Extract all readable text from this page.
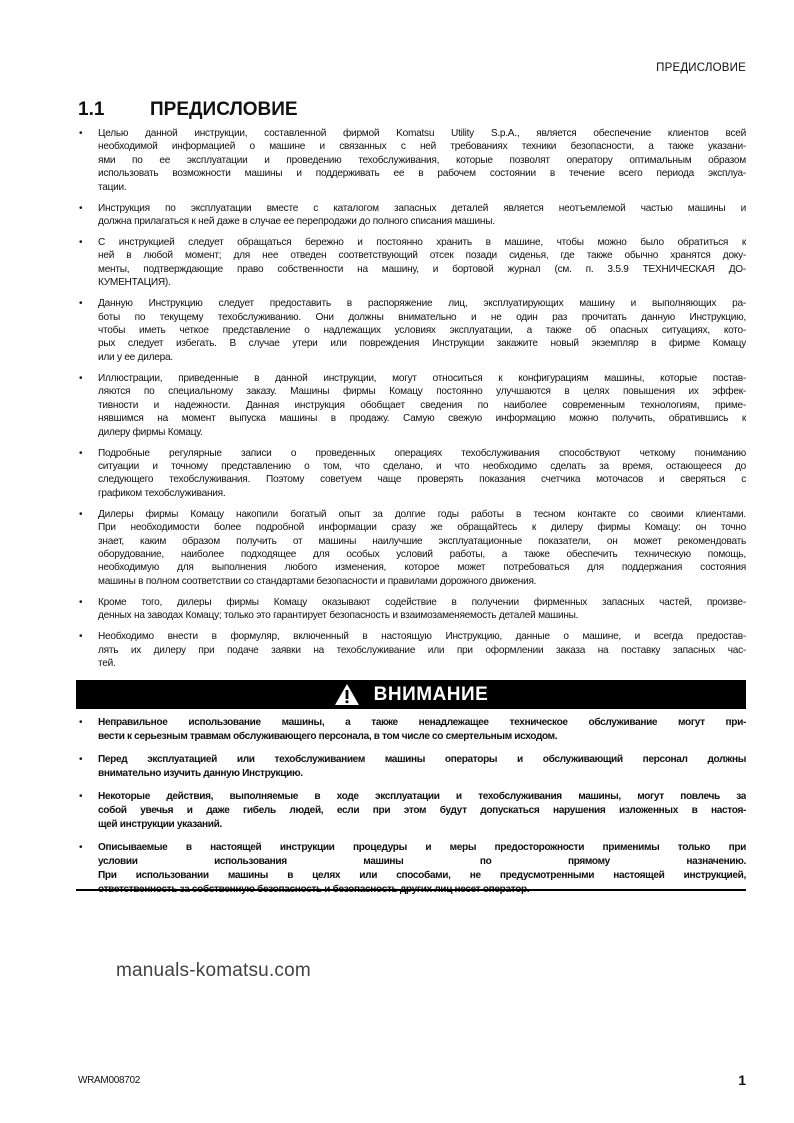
ПРЕДИСЛОВИЕ
1.1 ПРЕДИСЛОВИЕ
• Целью данной инструкции, составленной фирмой Komatsu Utility S.p.A., является обеспечение клиентов всей
необходимой информацией о машине и связанных с ней требованиях техники безопасности, а также указани-
ями по ее эксплуатации и проведению техобслуживания, которые позволят оператору оптимальным образом
использовать возможности машины и поддерживать ее в рабочем состоянии в течение всего периода эксплуа-
тации.
• Инструкция по эксплуатации вместе с каталогом запасных деталей является неотъемлемой частью машины и
должна прилагаться к ней даже в случае ее перепродажи до полного списания машины.
• С инструкцией следует обращаться бережно и постоянно хранить в машине, чтобы можно было обратиться к
ней в любой момент; для нее отведен соответствующий отсек позади сиденья, где также обычно хранятся доку-
менты, подтверждающие право собственности на машину, и бортовой журнал (см. п. 3.5.9 ТЕХНИЧЕСКАЯ ДО-
КУМЕНТАЦИЯ).
• Данную Инструкцию следует предоставить в распоряжение лиц, эксплуатирующих машину и выполняющих ра-
боты по текущему техобслуживанию. Они должны внимательно и не один раз прочитать данную Инструкцию,
чтобы иметь четкое представление о надлежащих условиях эксплуатации, а также об опасных ситуациях, кото-
рых следует избегать. В случае утери или повреждения Инструкции закажите новый экземпляр в фирме Комацу
или у ее дилера.
• Иллюстрации, приведенные в данной инструкции, могут относиться к конфигурациям машины, которые постав-
ляются по специальному заказу. Машины фирмы Комацу постоянно улучшаются в целях повышения их эффек-
тивности и надежности. Данная инструкция обобщает сведения по наиболее современным технологиям, приме-
нявшимся на момент выпуска машины в продажу. Самую свежую информацию можно получить, обратившись к
дилеру фирмы Комацу.
• Подробные регулярные записи о проведенных операциях техобслуживания способствуют четкому пониманию
ситуации и точному представлению о том, что сделано, и что необходимо сделать за время, остающееся до
следующего техобслуживания. Поэтому советуем чаще проверять показания счетчика моточасов и сверяться с
графиком техобслуживания.
• Дилеры фирмы Комацу накопили богатый опыт за долгие годы работы в тесном контакте со своими клиентами.
При необходимости более подробной информации сразу же обращайтесь к дилеру фирмы Комацу: он точно
знает, каким образом получить от машины наилучшие эксплуатационные показатели, он может рекомендовать
оборудование, наиболее подходящее для особых условий работы, а также обеспечить техническую помощь,
необходимую для выполнения любого изменения, которое может потребоваться для поддержания состояния
машины в полном соответствии со стандартами безопасности и правилами дорожного движения.
• Кроме того, дилеры фирмы Комацу оказывают содействие в получении фирменных запасных частей, произве-
денных на заводах Комацу; только это гарантирует безопасность и взаимозаменяемость деталей машины.
• Необходимо внести в формуляр, включенный в настоящую Инструкцию, данные о машине, и всегда предостав-
лять их дилеру при подаче заявки на техобслуживание или при оформлении заказа на поставку запасных час-
тей.
ВНИМАНИЕ
• Неправильное использование машины, а также ненадлежащее техническое обслуживание могут при-
вести к серьезным травмам обслуживающего персонала, в том числе со смертельным исходом.
• Перед эксплуатацией или техобслуживанием машины операторы и обслуживающий персонал должны
внимательно изучить данную Инструкцию.
• Некоторые действия, выполняемые в ходе эксплуатации и техобслуживания машины, могут повлечь за
собой увечья и даже гибель людей, если при этом будут допускаться нарушения изложенных в настоя-
щей инструкции указаний.
• Описываемые в настоящей инструкции процедуры и меры предосторожности применимы только при
условии использования машины по прямому назначению.
При использовании машины в целях или способами, не предусмотренными настоящей инструкцией,
manuals-komatsu.com
WRAM008702	1
